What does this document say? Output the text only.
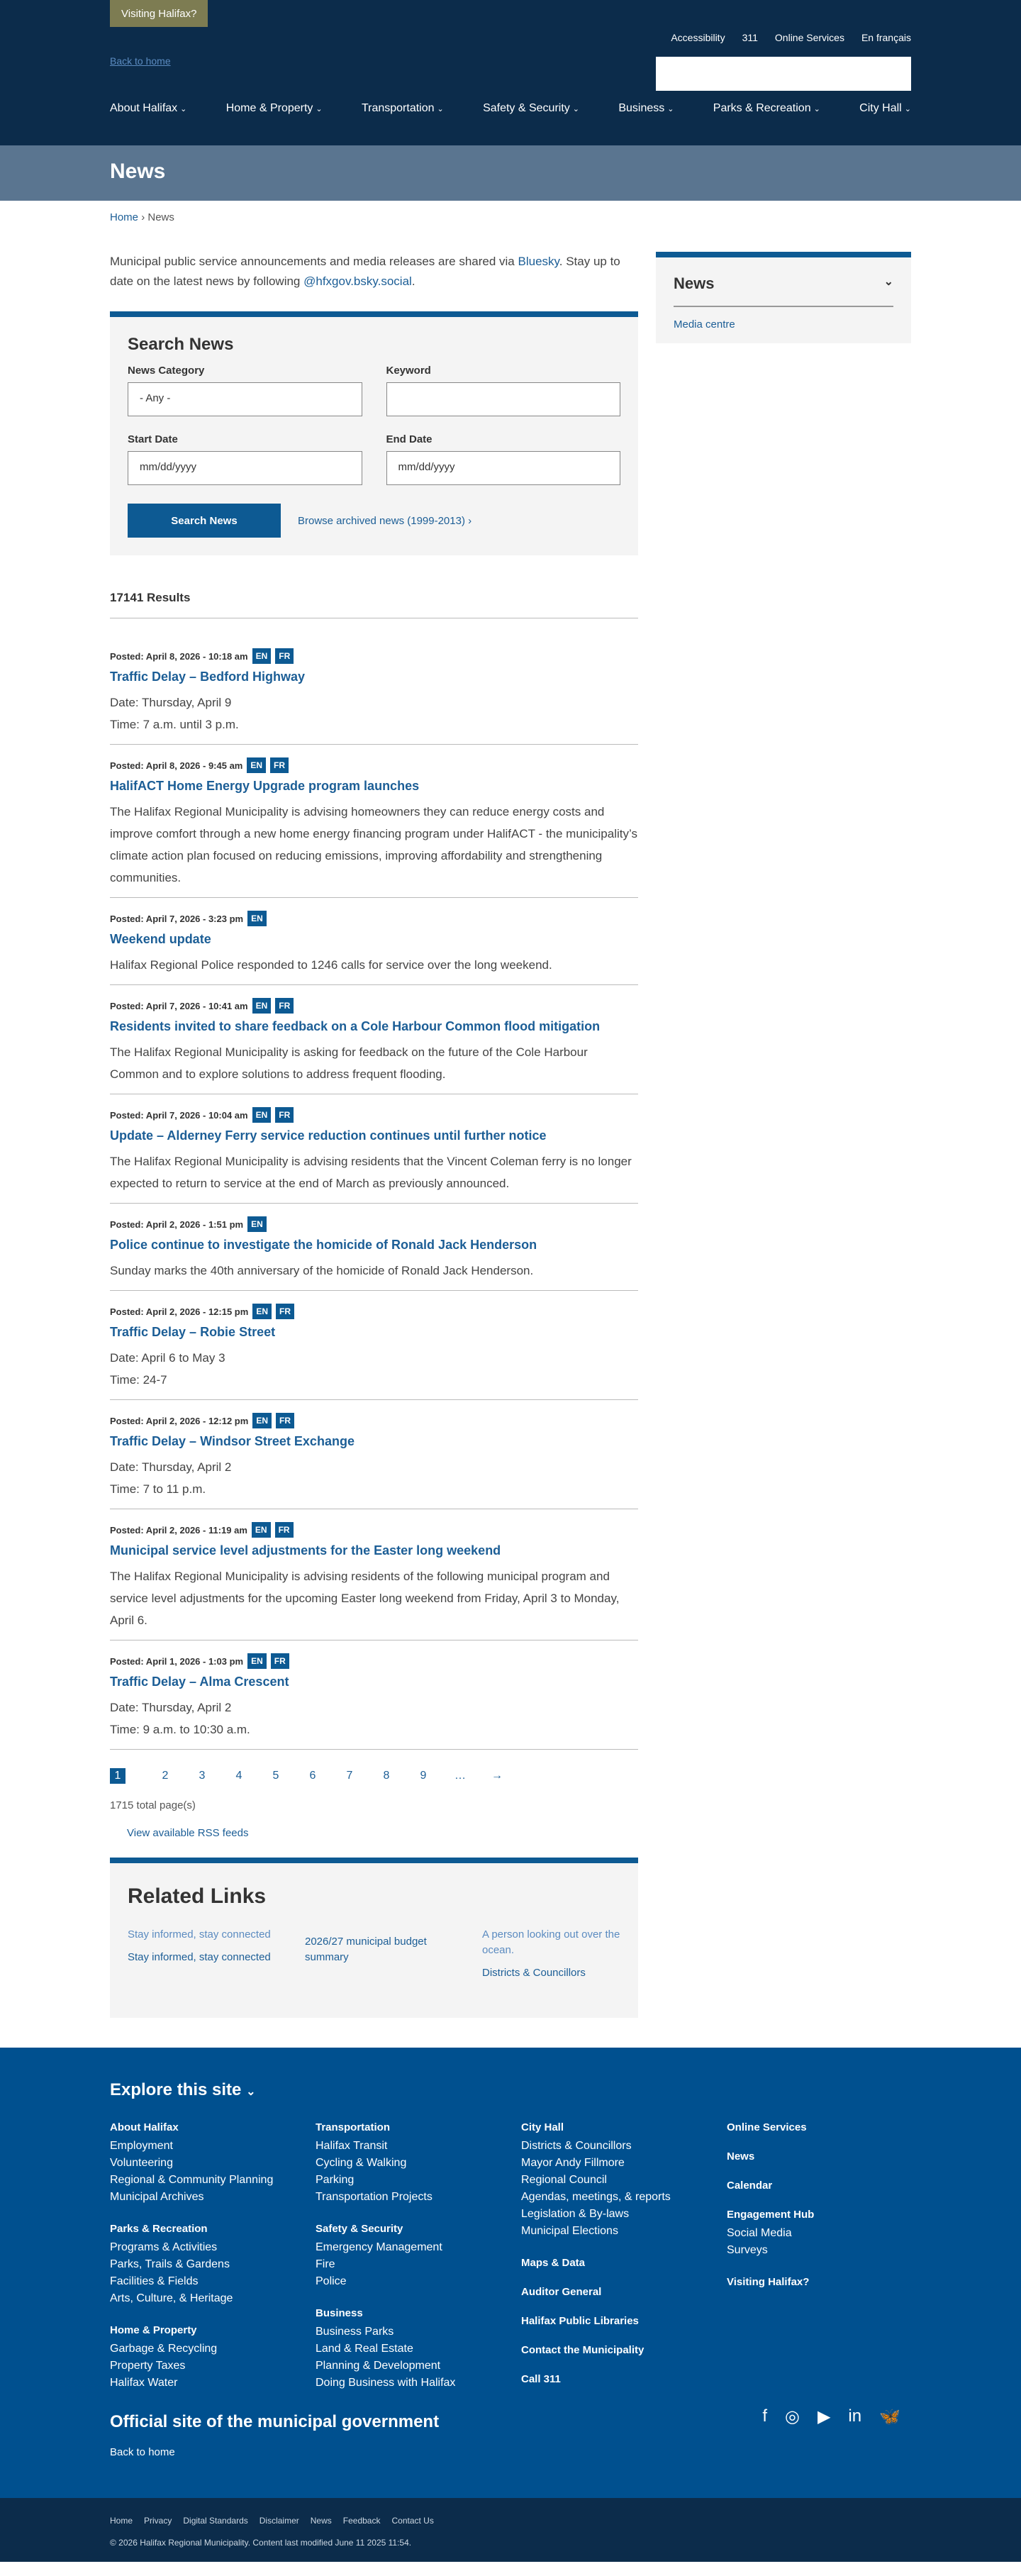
Visiting Halifax?
Accessibility 311 Online Services En français
Back to home
About Halifax ⌄	Home & Property ⌄	Transportation ⌄	Safety & Security ⌄	Business ⌄	Parks & Recreation ⌄	City Hall ⌄
News
Home › News

Municipal public service announcements and media releases are shared via Bluesky. Stay up to date on the latest news by following @hfxgov.bsky.social.

Search News
News Category
- Any -
Keyword
Start Date
mm/dd/yyyy
End Date
mm/dd/yyyy
Search News	Browse archived news (1999-2013) ›
17141 Results
Posted: April 8, 2026 - 10:18 am EN	FR
Traffic Delay – Bedford Highway

Date: Thursday, April 9

Time: 7 a.m. until 3 p.m.

Posted: April 8, 2026 - 9:45 am EN	FR
HalifACT Home Energy Upgrade program launches

The Halifax Regional Municipality is advising homeowners they can reduce energy costs and improve comfort through a new home energy financing program under HalifACT - the municipality’s climate action plan focused on reducing emissions, improving affordability and strengthening communities.

Posted: April 7, 2026 - 3:23 pm EN
Weekend update

Halifax Regional Police responded to 1246 calls for service over the long weekend.

Posted: April 7, 2026 - 10:41 am EN	FR
Residents invited to share feedback on a Cole Harbour Common flood mitigation

The Halifax Regional Municipality is asking for feedback on the future of the Cole Harbour Common and to explore solutions to address frequent flooding.

Posted: April 7, 2026 - 10:04 am EN	FR
Update – Alderney Ferry service reduction continues until further notice

The Halifax Regional Municipality is advising residents that the Vincent Coleman ferry is no longer expected to return to service at the end of March as previously announced.

Posted: April 2, 2026 - 1:51 pm EN
Police continue to investigate the homicide of Ronald Jack Henderson

Sunday marks the 40th anniversary of the homicide of Ronald Jack Henderson.

Posted: April 2, 2026 - 12:15 pm EN	FR
Traffic Delay – Robie Street

Date: April 6 to May 3

Time: 24-7

Posted: April 2, 2026 - 12:12 pm EN	FR
Traffic Delay – Windsor Street Exchange

Date: Thursday, April 2

Time: 7 to 11 p.m.

Posted: April 2, 2026 - 11:19 am EN	FR
Municipal service level adjustments for the Easter long weekend

The Halifax Regional Municipality is advising residents of the following municipal program and service level adjustments for the upcoming Easter long weekend from Friday, April 3 to Monday, April 6.

Posted: April 1, 2026 - 1:03 pm EN	FR
Traffic Delay – Alma Crescent

Date: Thursday, April 2

Time: 9 a.m. to 10:30 a.m.

1	2	3	4	5	6	7	8	9	…	→
1715 total page(s)
View available RSS feeds
Related Links
Stay informed, stay connected
Stay informed, stay connected
2026/27 municipal budget summary
A person looking out over the ocean.
Districts & Councillors
News	⌄
Media centre
Explore this site ⌄
About Halifax
Employment
Volunteering
Regional & Community Planning
Municipal Archives
Parks & Recreation
Programs & Activities
Parks, Trails & Gardens
Facilities & Fields
Arts, Culture, & Heritage
Home & Property
Garbage & Recycling
Property Taxes
Halifax Water
Transportation
Halifax Transit
Cycling & Walking
Parking
Transportation Projects
Safety & Security
Emergency Management
Fire
Police
Business
Business Parks
Land & Real Estate
Planning & Development
Doing Business with Halifax
City Hall
Districts & Councillors
Mayor Andy Fillmore
Regional Council
Agendas, meetings, & reports
Legislation & By-laws
Municipal Elections
Maps & Data
Auditor General
Halifax Public Libraries
Contact the Municipality
Call 311
Online Services
News
Calendar
Engagement Hub
Social Media
Surveys
Visiting Halifax?
Official site of the municipal government
Back to home
f ◎ ▶ in 🦋
Home Privacy Digital Standards Disclaimer News Feedback Contact Us
© 2026 Halifax Regional Municipality. Content last modified June 11 2025 11:54.
